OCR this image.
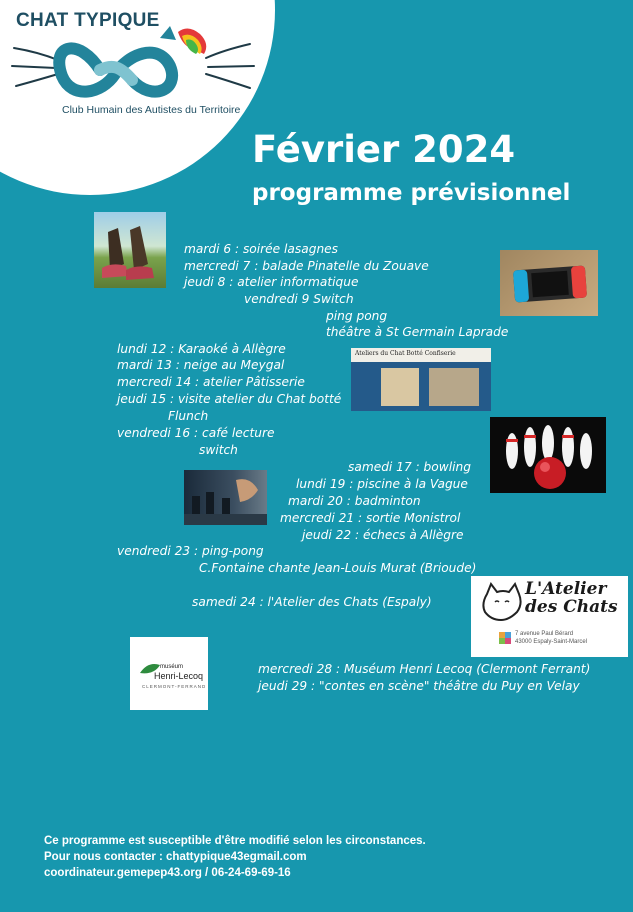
CHAT TYPIQUE
Club Humain des Autistes du Territoire
Février 2024
programme prévisionnel
Ateliers du Chat Botté Confiserie
L'Atelier des Chats
7 avenue Paul Bérard
43000 Espaly-Saint-Marcel
muséum
Henri-Lecoq
CLERMONT-FERRAND
mardi 6 : soirée lasagnes
mercredi 7 : balade Pinatelle du Zouave
jeudi 8 : atelier informatique
vendredi 9 Switch
ping pong
théâtre à St Germain Laprade
lundi 12 : Karaoké à Allègre
mardi 13 : neige au Meygal
mercredi 14 : atelier Pâtisserie
jeudi 15 : visite atelier du Chat botté
Flunch
vendredi 16 : café lecture
switch
samedi 17 : bowling
lundi 19 : piscine à la Vague
mardi 20 : badminton
mercredi 21 : sortie Monistrol
jeudi 22 : échecs à Allègre
vendredi 23 : ping-pong
C.Fontaine chante Jean-Louis Murat (Brioude)
samedi 24 : l'Atelier des Chats (Espaly)
mercredi 28 : Muséum Henri Lecoq (Clermont Ferrant)
jeudi 29 : "contes en scène" théâtre du Puy en Velay
Ce programme est susceptible d'être modifié selon les circonstances.
Pour nous contacter : chattypique43egmail.com
coordinateur.gemepep43.org / 06-24-69-69-16
